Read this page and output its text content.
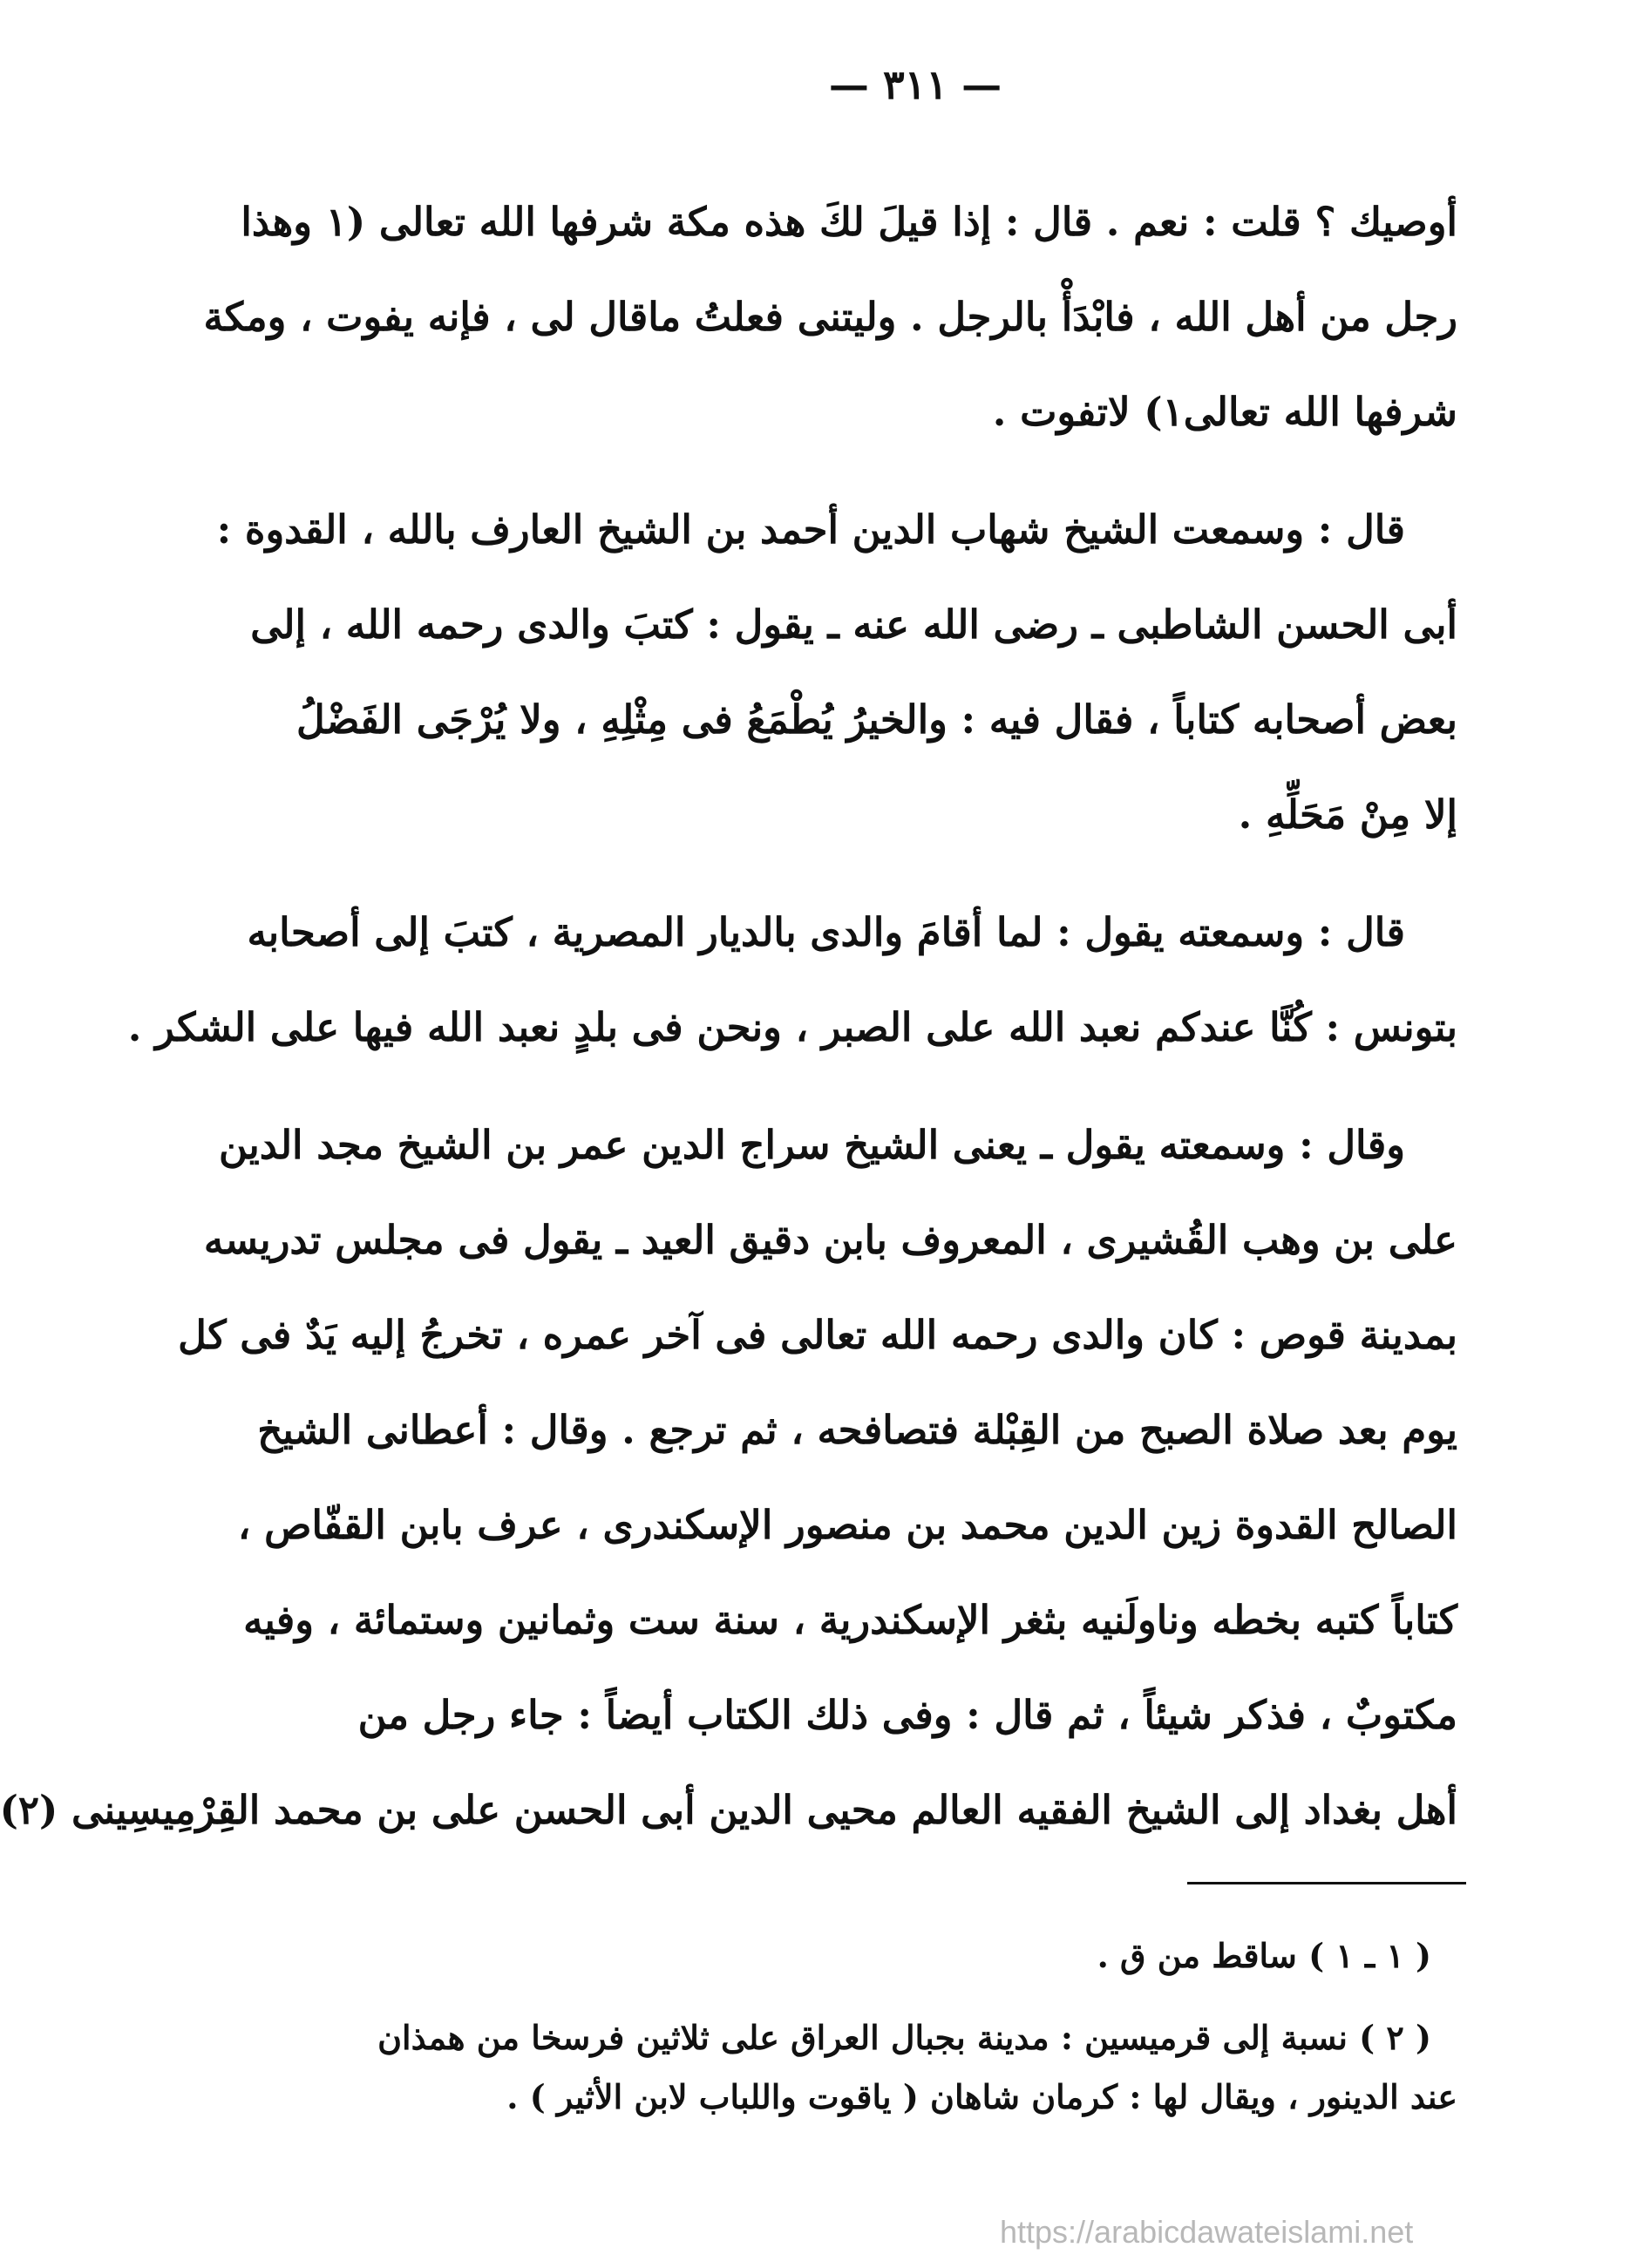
— ٣١١ —

أوصيك ؟ قلت : نعم . قال : إذا قيلَ لكَ هذه مكة شرفها الله تعالى (١ وهذا
رجل من أهل الله ، فابْدَأْ بالرجل . وليتنى فعلتُ ماقال لى ، فإنه يفوت ، ومكة
شرفها الله تعالى١) لاتفوت .

قال : وسمعت الشيخ شهاب الدين أحمد بن الشيخ العارف بالله ، القدوة :
أبى الحسن الشاطبى ـ رضى الله عنه ـ يقول : كتبَ والدى رحمه الله ، إلى
بعض أصحابه كتاباً ، فقال فيه : والخيرُ يُطْمَعُ فى مِثْلِهِ ، ولا يُرْجَى الفَضْلُ
إلا مِنْ مَحَلِّهِ .

قال : وسمعته يقول : لما أقامَ والدى بالديار المصرية ، كتبَ إلى أصحابه
بتونس : كُنَّا عندكم نعبد الله على الصبر ، ونحن فى بلدٍ نعبد الله فيها على الشكر .

وقال : وسمعته يقول ـ يعنى الشيخ سراج الدين عمر بن الشيخ مجد الدين
على بن وهب القُشيرى ، المعروف بابن دقيق العيد ـ يقول فى مجلس تدريسه
بمدينة قوص : كان والدى رحمه الله تعالى فى آخر عمره ، تخرجُ إليه يَدٌ فى كل
يوم بعد صلاة الصبح من القِبْلة فتصافحه ، ثم ترجع . وقال : أعطانى الشيخ
الصالح القدوة زين الدين محمد بن منصور الإسكندرى ، عرف بابن القفّاص ،
كتاباً كتبه بخطه وناولَنيه بثغر الإسكندرية ، سنة ست وثمانين وستمائة ، وفيه
مكتوبٌ ، فذكر شيئاً ، ثم قال : وفى ذلك الكتاب أيضاً : جاء رجل من
أهل بغداد إلى الشيخ الفقيه العالم محيى الدين أبى الحسن على بن محمد القِرْمِيسِينى (٢)

( ١ ـ ١ ) ساقط من ق .
( ٢ ) نسبة إلى قرميسين : مدينة بجبال العراق على ثلاثين فرسخا من همذان
عند الدينور ، ويقال لها : كرمان شاهان ( ياقوت واللباب لابن الأثير ) .
https://arabicdawateislami.net
